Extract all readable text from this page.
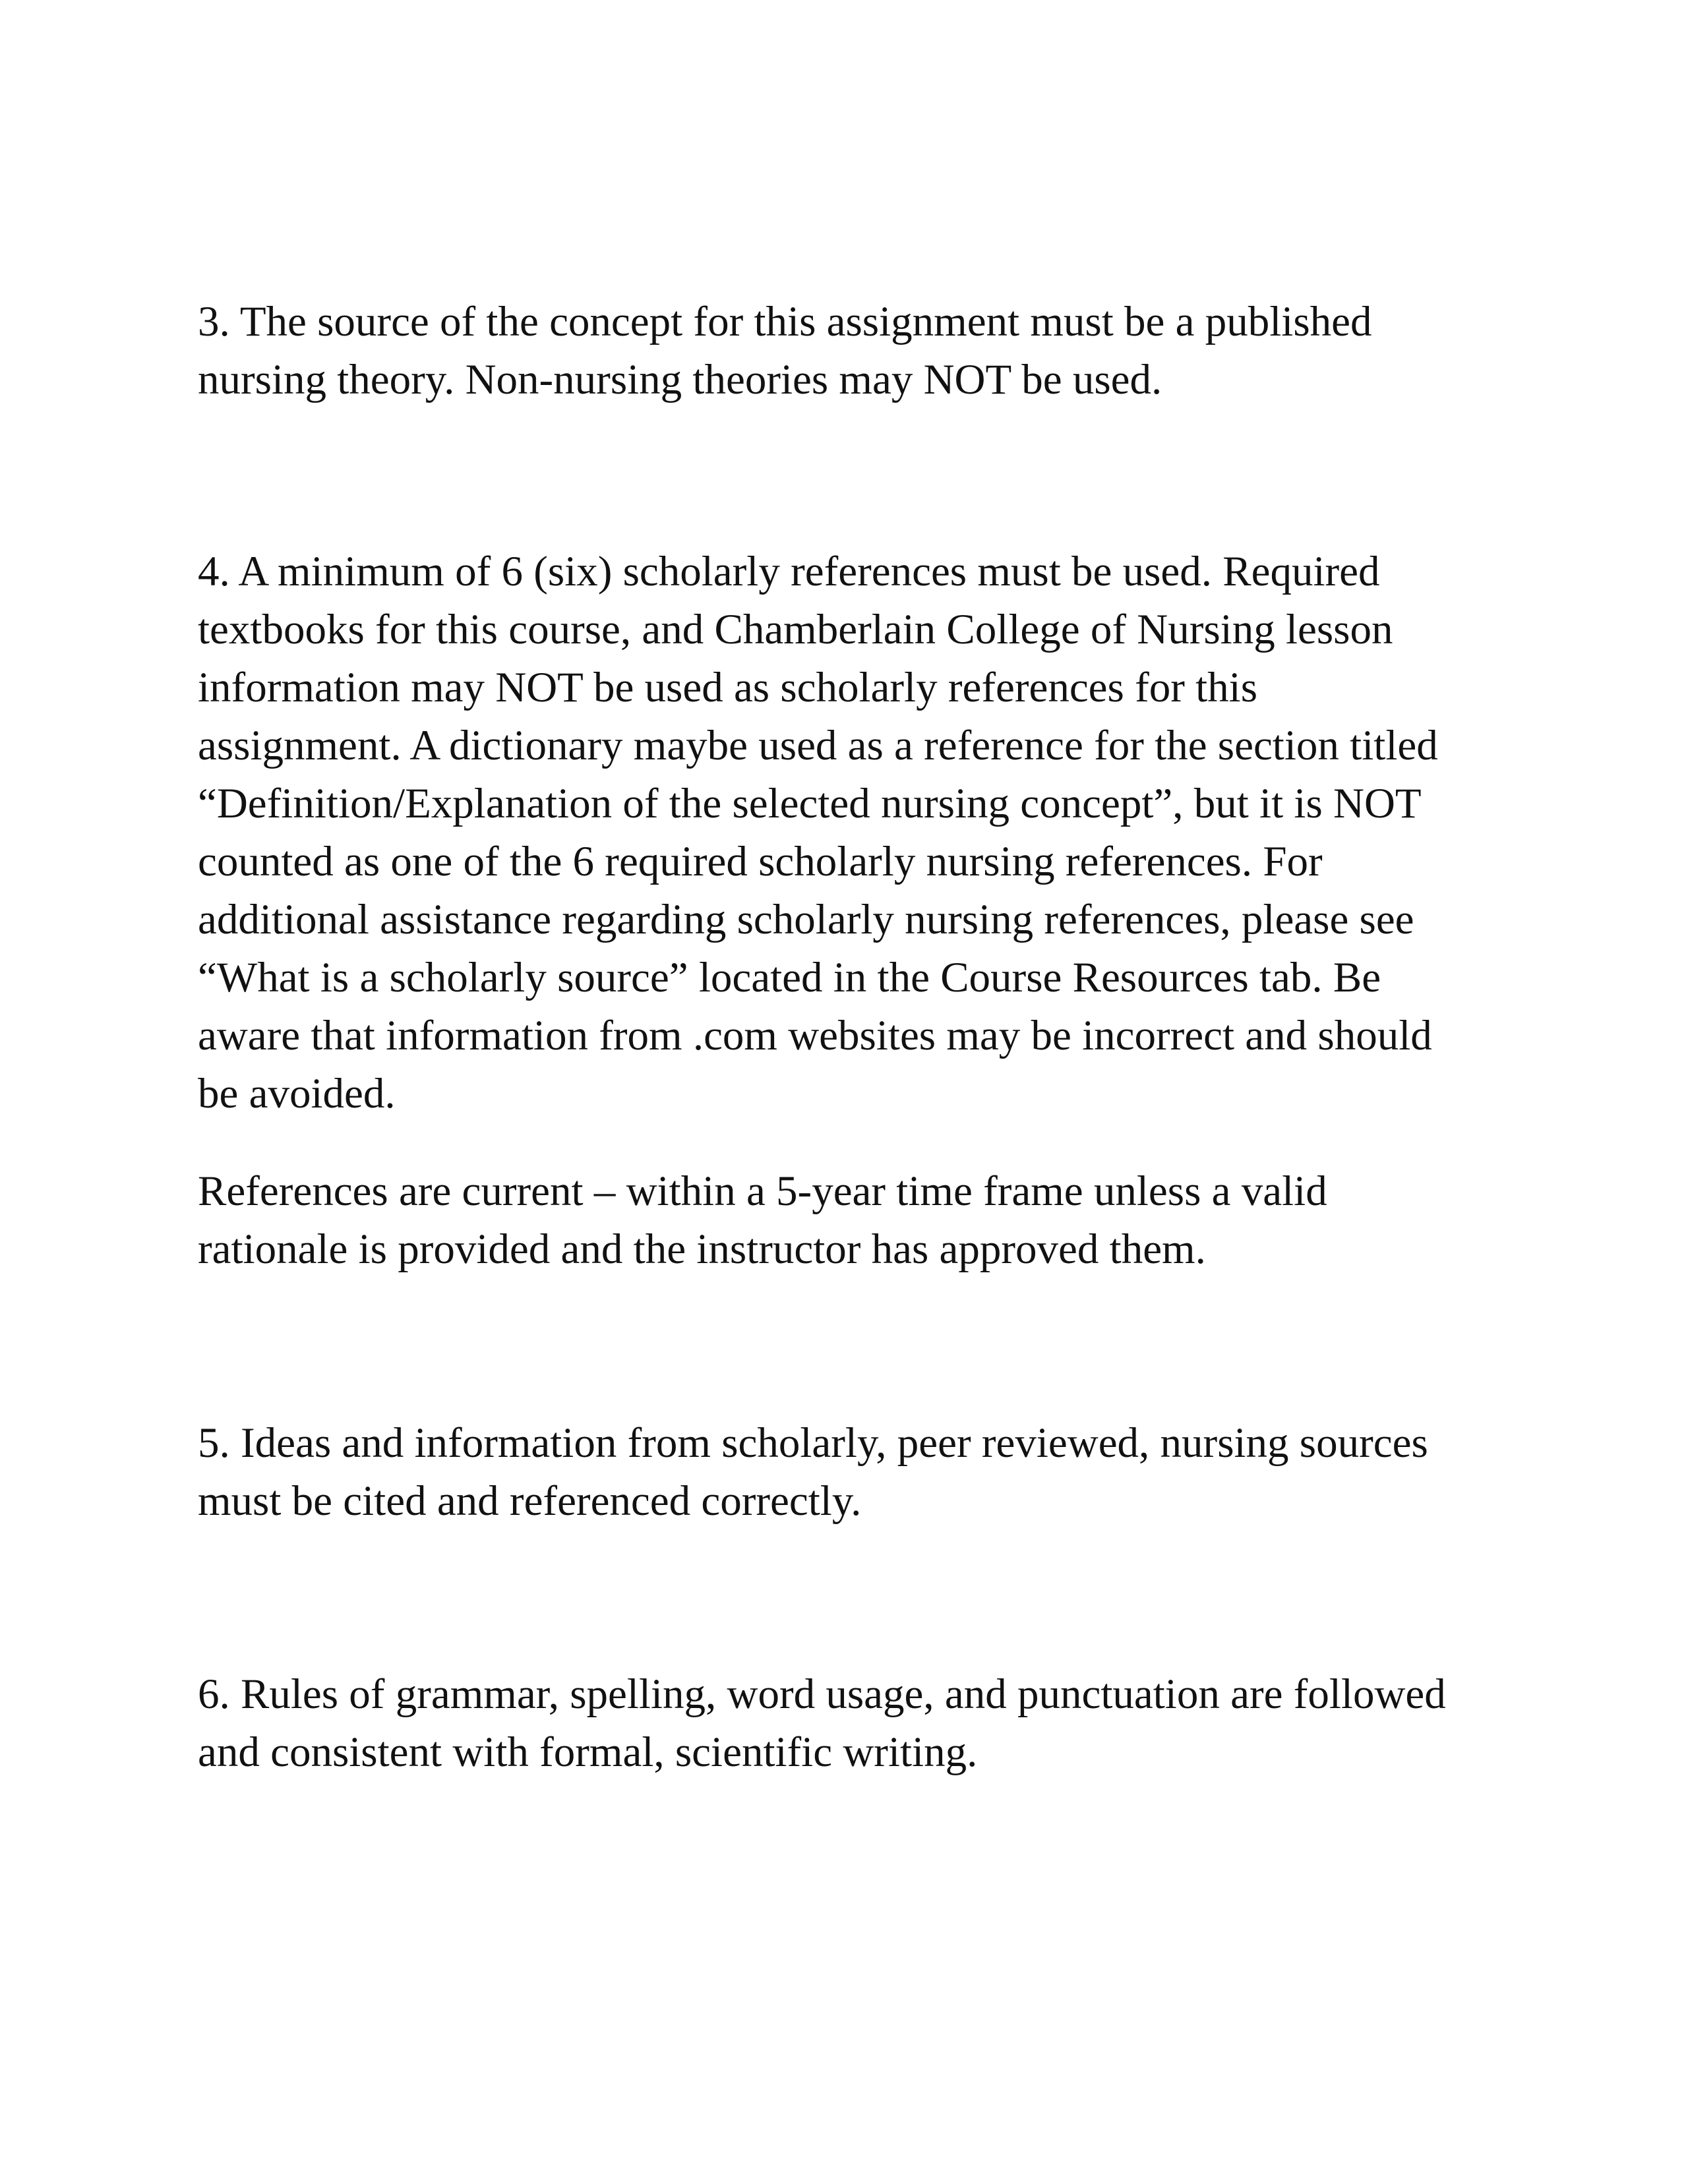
3. The source of the concept for this assignment must be a published
nursing theory. Non-nursing theories may NOT be used.

4. A minimum of 6 (six) scholarly references must be used. Required
textbooks for this course, and Chamberlain College of Nursing lesson
information may NOT be used as scholarly references for this
assignment. A dictionary maybe used as a reference for the section titled
“Definition/Explanation of the selected nursing concept”, but it is NOT
counted as one of the 6 required scholarly nursing references. For
additional assistance regarding scholarly nursing references, please see
“What is a scholarly source” located in the Course Resources tab. Be
aware that information from .com websites may be incorrect and should
be avoided.

References are current – within a 5-year time frame unless a valid
rationale is provided and the instructor has approved them.

5. Ideas and information from scholarly, peer reviewed, nursing sources
must be cited and referenced correctly.

6. Rules of grammar, spelling, word usage, and punctuation are followed
and consistent with formal, scientific writing.
